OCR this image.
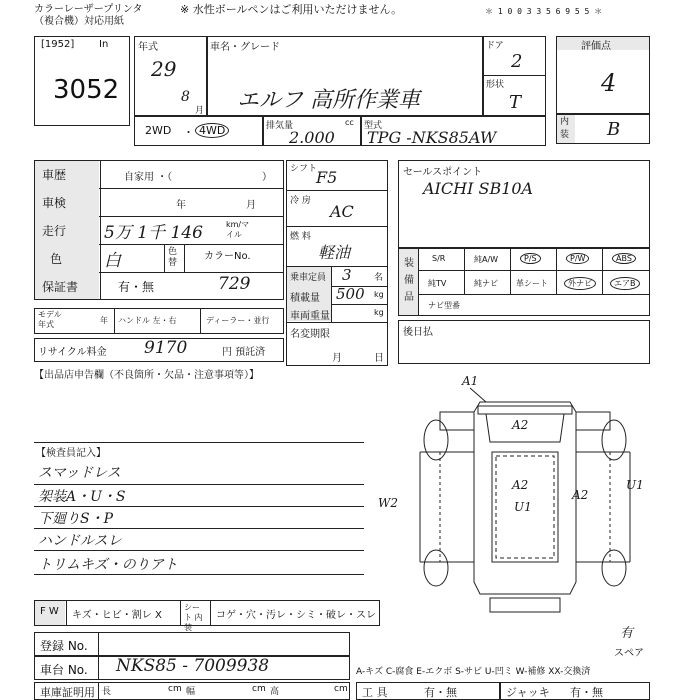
カラーレーザープリンタ
（複合機）対応用紙
※ 水性ボールペンはご利用いただけません。	＊ 1 0 0 3 3 5 6 9 5 5 ＊
[1952] In
3052
年式
29
8
月
車名・グレード
エルフ 高所作業車
ドア
2
形状
T
評価点
4
内 装 B
2WD ・ 4WD	排気量	cc
2.000
型式
TPG -NKS85AW
車歴	自家用 ・（	）
車検	年	月
走行 5万 1千 146	km/マイル
色 白	色替
カラーNo.
保証書	有・無	729
モデル 年式	年 ハンドル 左・右	ディーラー・並行
リサイクル料金 9170	円 預託済
シフト
F5
冷 房
AC
燃 料
軽油
乗車定員 3 名
積載量 500 kg
車両重量	kg
名変期限
月	日
セールスポイント
AICHI SB10A
装 備 品
S/R	純A/W	P/S	P/W	ABS
純TV	純ナビ 革シート	外ナビ	エアB
ナビ型番
後日払
【出品店申告欄（不良箇所・欠品・注意事項等）】
【検査員記入】
スマッドレス
架装A・U・S
下廻りS・P
ハンドルスレ
トリムキズ・のりアト
A1
A2
A2
U1
W2
A2
U1
有
スペア
F W キズ・ヒビ・割レ X
シート 内 装
コゲ・穴・汚レ・シミ・破レ・スレ
登録 No.
車台 No. NKS85 - 7009938	A-キズ C-腐食 E-エクボ S-サビ U-凹ミ W-補修 XX-交換済
車庫証明用 長	cm 幅	cm 高	cm 工 具	有・無	ジャッキ 有・無
